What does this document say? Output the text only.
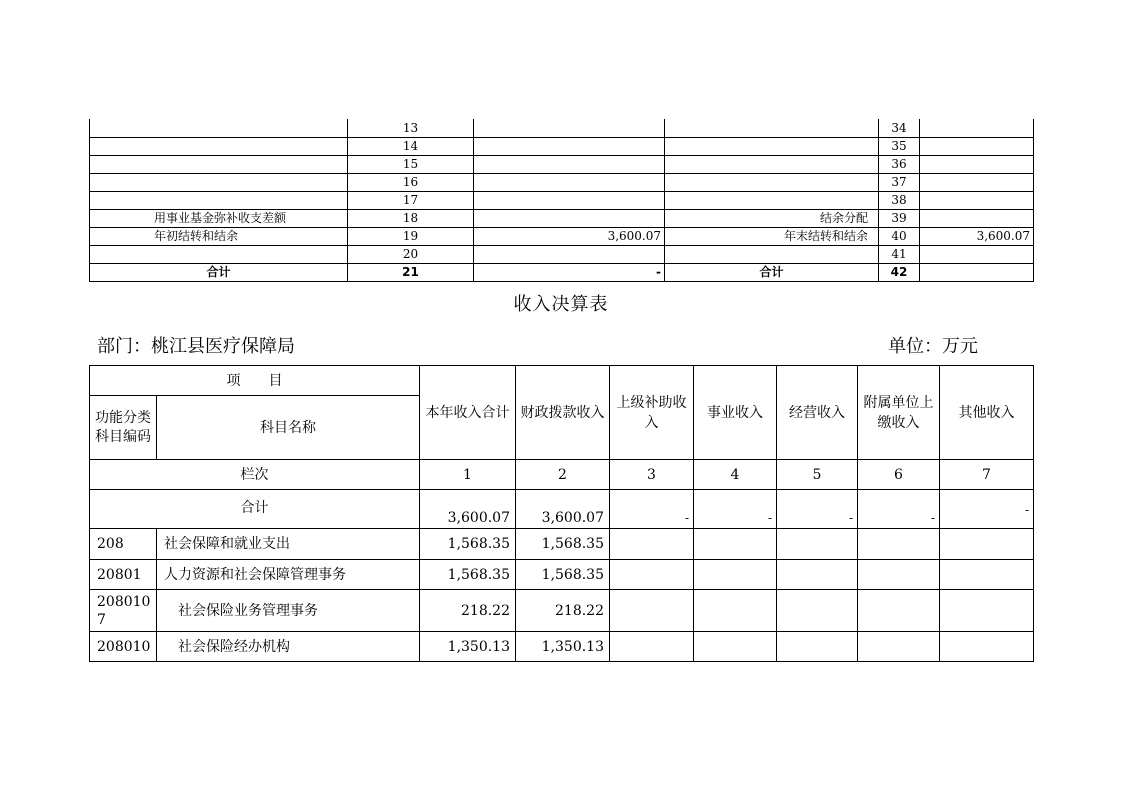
	13			34	
	14			35	
	15			36	
	16			37	
	17			38	
用事业基金弥补收支差额	18		结余分配	39	
年初结转和结余	19	3,600.07	年末结转和结余	40	3,600.07
	20			41	
合计	21	-	合计	42	
收入决算表
部门：桃江县医疗保障局	单位：万元
项　　目		本年收入合计	财政拨款收入	上级补助收入	事业收入	经营收入	附属单位上缴收入	其他收入
功能分类科目编码	科目名称							
栏次		1	2	3	4	5	6	7
合计		3,600.07	3,600.07	-	-	-	-	-
208	社会保障和就业支出	1,568.35	1,568.35					
20801	人力资源和社会保障管理事务	1,568.35	1,568.35					
2080107	　社会保险业务管理事务	218.22	218.22					
208010	　社会保险经办机构	1,350.13	1,350.13					
